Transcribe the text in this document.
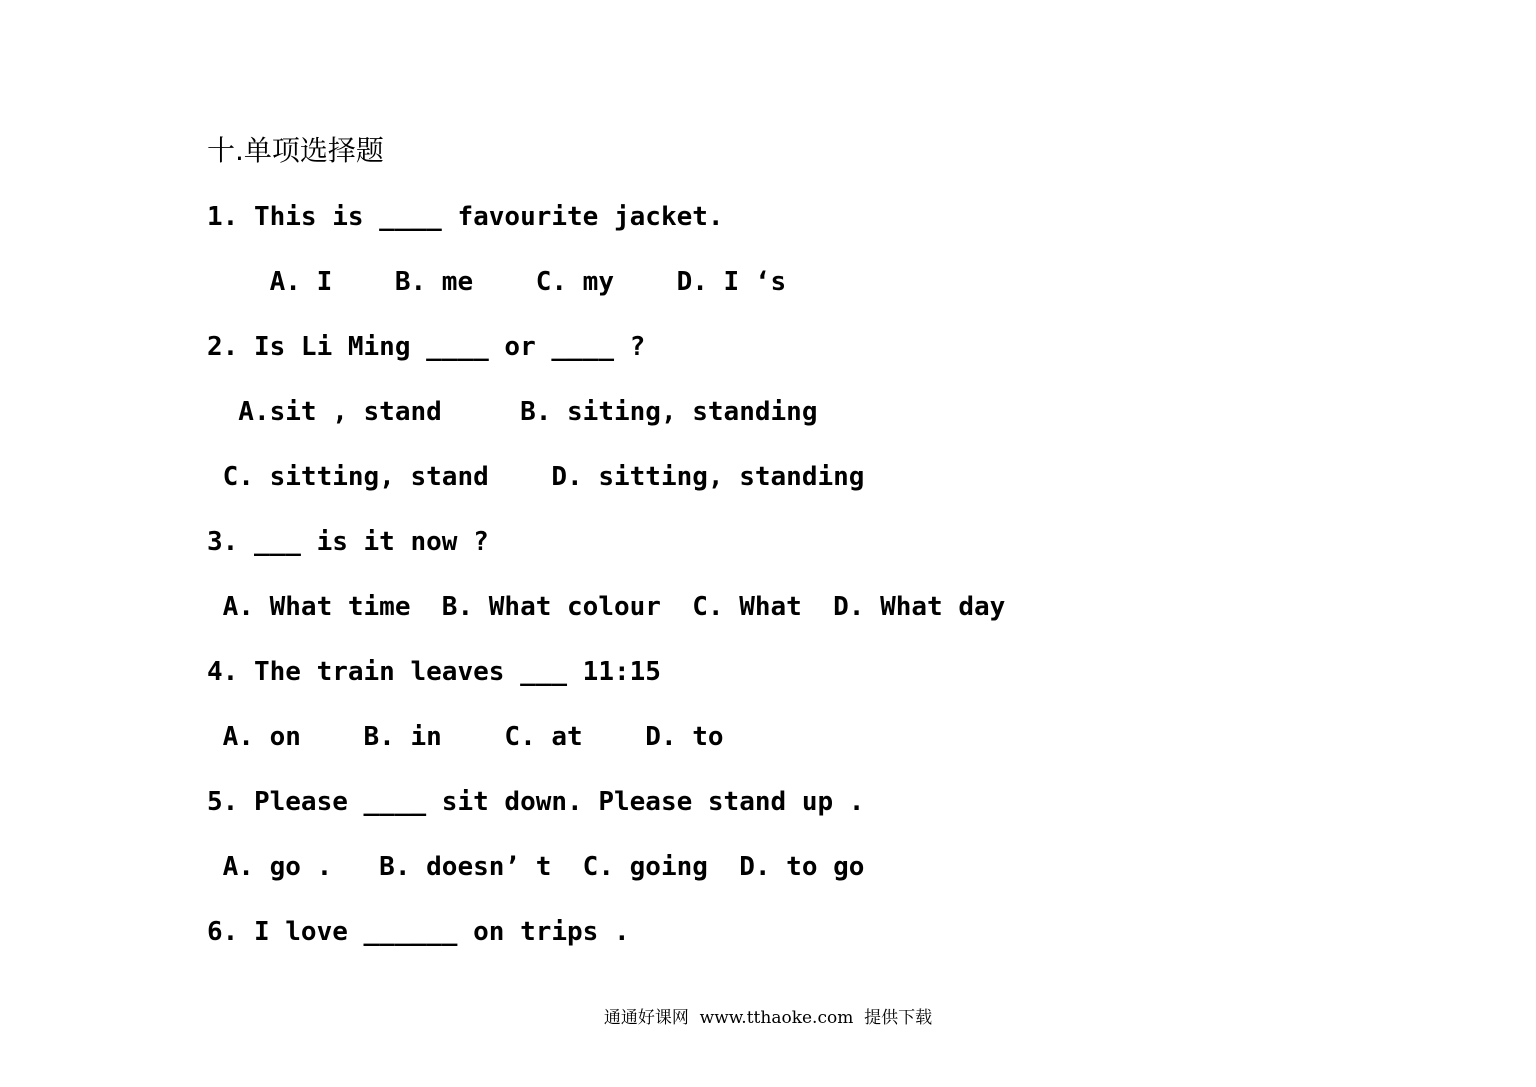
十.单项选择题
1. This is ____ favourite jacket.
A. I    B. me    C. my    D. I ‘s
2. Is Li Ming ____ or ____ ?
A.sit , stand     B. siting, standing
C. sitting, stand    D. sitting, standing
3. ___ is it now ?
A. What time  B. What colour  C. What  D. What day
4. The train leaves ___ 11:15
A. on    B. in    C. at    D. to
5. Please ____ sit down. Please stand up .
A. go .   B. doesn’ t  C. going  D. to go
6. I love ______ on trips .
通通好课网  www.tthaoke.com  提供下载
